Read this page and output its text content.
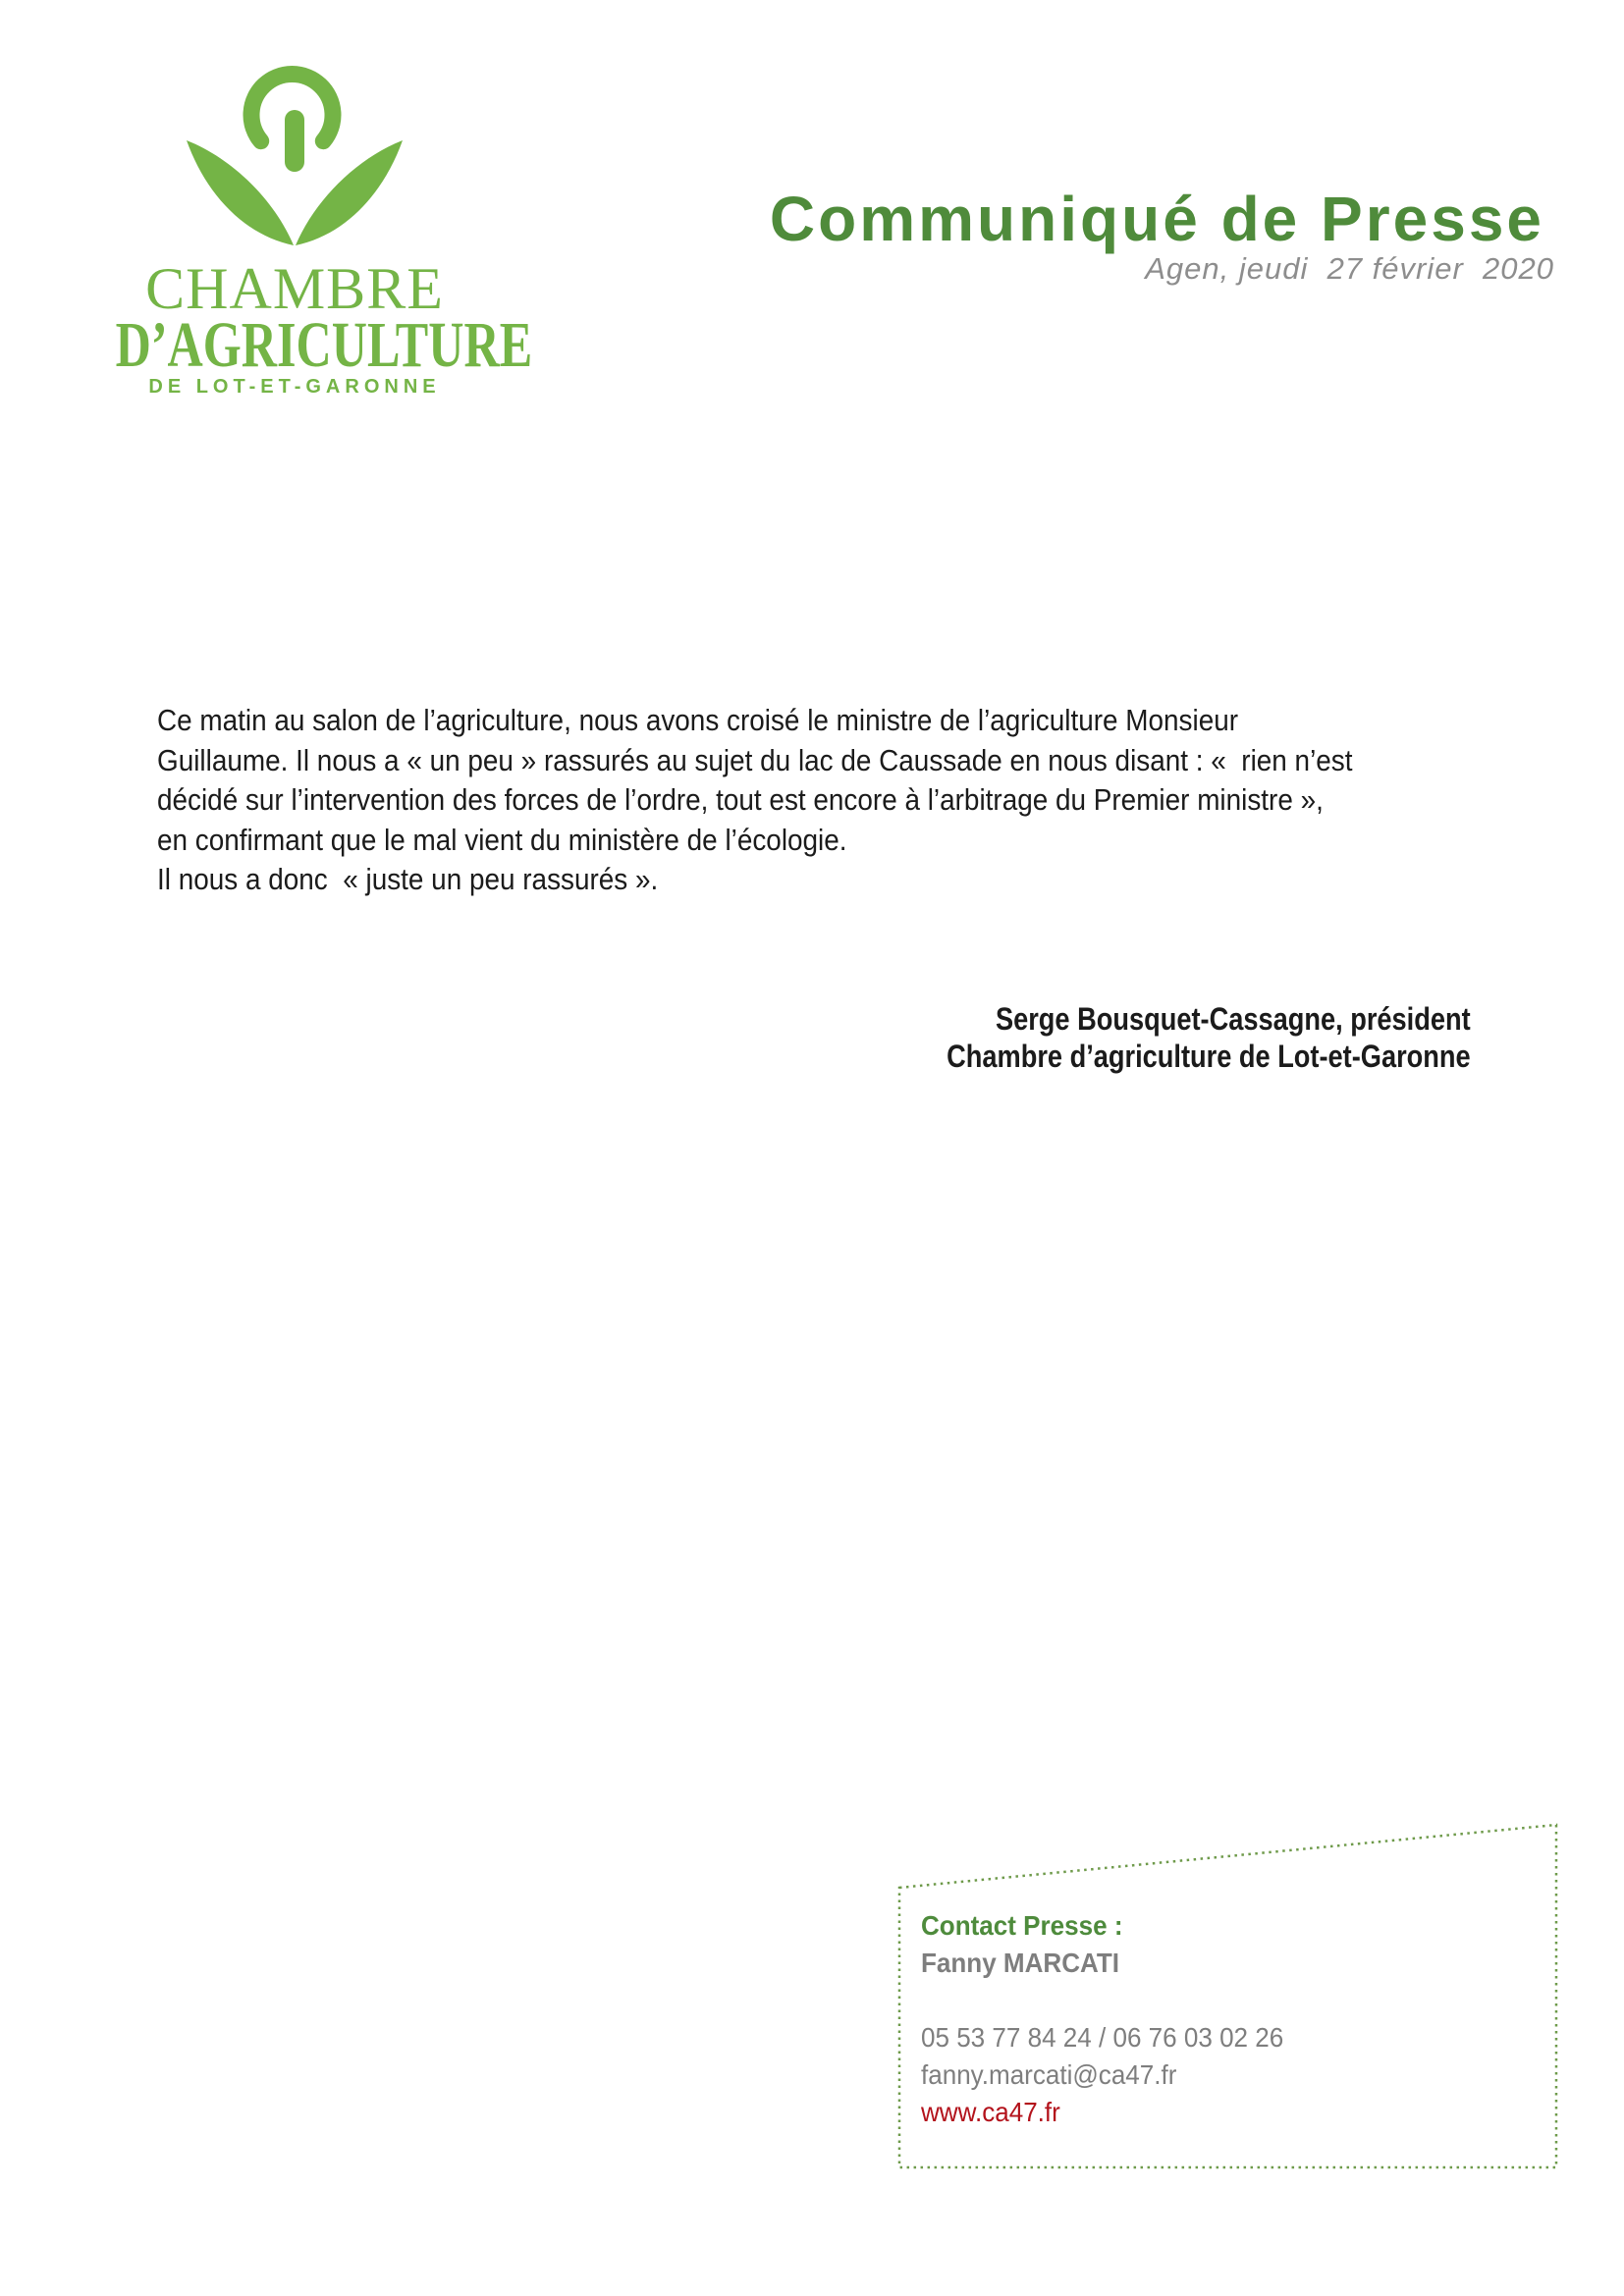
CHAMBRE
D’AGRICULTURE
DE LOT-ET-GARONNE
Communiqué de Presse
Agen, jeudi  27 février  2020
Ce matin au salon de l’agriculture, nous avons croisé le ministre de l’agriculture Monsieur
Guillaume. Il nous a « un peu » rassurés au sujet du lac de Caussade en nous disant : «  rien n’est
décidé sur l’intervention des forces de l’ordre, tout est encore à l’arbitrage du Premier ministre »,
en confirmant que le mal vient du ministère de l’écologie.
Il nous a donc  « juste un peu rassurés ».
Serge Bousquet-Cassagne, président
Chambre d’agriculture de Lot-et-Garonne
Contact Presse :
Fanny MARCATI
05 53 77 84 24 / 06 76 03 02 26
fanny.marcati@ca47.fr
www.ca47.fr
